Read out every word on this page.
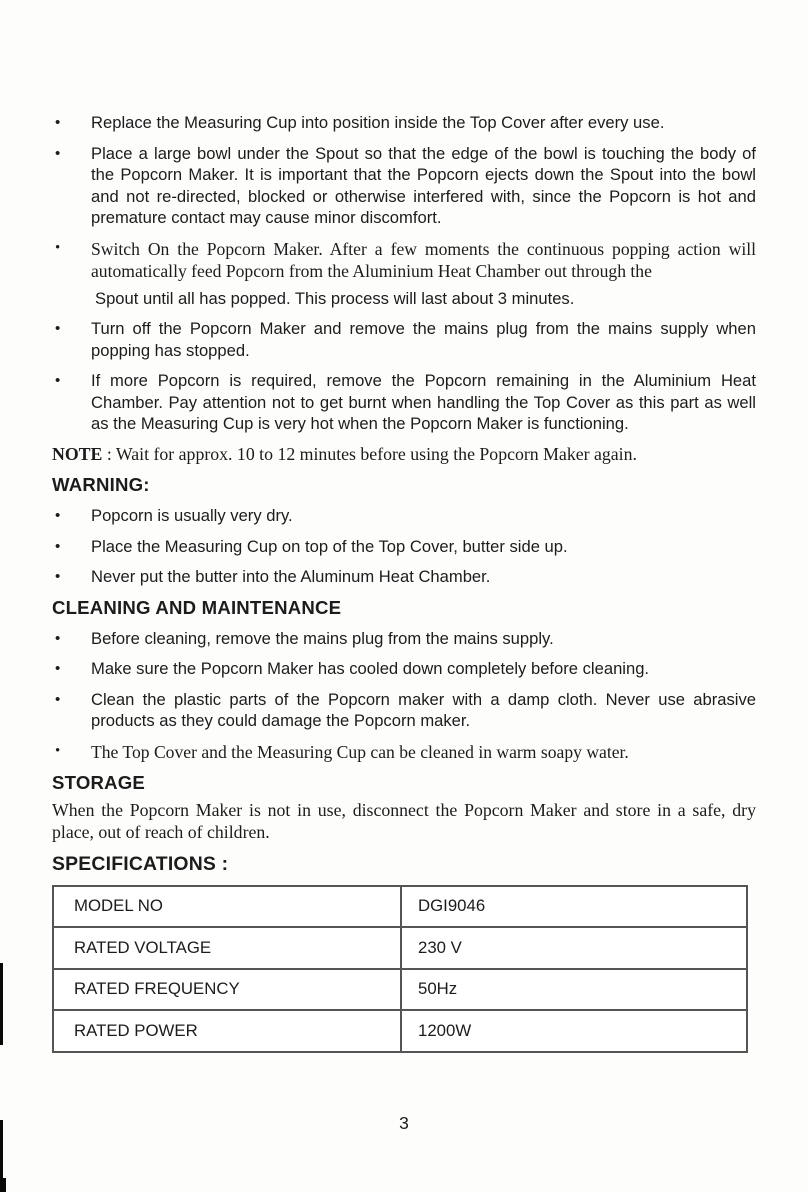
•	Replace the Measuring Cup into position inside the Top Cover after every use.
•	Place a large bowl under the Spout so that the edge of the bowl is touching the body of the Popcorn Maker. It is important that the Popcorn ejects down the Spout into the bowl and not re-directed, blocked or otherwise interfered with, since the Popcorn is hot and premature contact may cause minor discomfort.
•	Switch On the Popcorn Maker. After a few moments the continuous popping action will automatically feed Popcorn from the Aluminium Heat Chamber out through the
Spout until all has popped. This process will last about 3 minutes.
•	Turn off the Popcorn Maker and remove the mains plug from the mains supply when popping has stopped.
•	If more Popcorn is required, remove the Popcorn remaining in the Aluminium Heat Chamber. Pay attention not to get burnt when handling the Top Cover as this part as well as the Measuring Cup is very hot when the Popcorn Maker is functioning.
NOTE : Wait for approx. 10 to 12 minutes before using the Popcorn Maker again.
WARNING:
•	Popcorn is usually very dry.
•	Place the Measuring Cup on top of the Top Cover, butter side up.
•	Never put the butter into the Aluminum Heat Chamber.
CLEANING AND MAINTENANCE
•	Before cleaning, remove the mains plug from the mains supply.
•	Make sure the Popcorn Maker has cooled down completely before cleaning.
•	Clean the plastic parts of the Popcorn maker with a damp cloth. Never use abrasive products as they could damage the Popcorn maker.
•	The Top Cover and the Measuring Cup can be cleaned in warm soapy water.
STORAGE
When the Popcorn Maker is not in use, disconnect the Popcorn Maker and store in a safe, dry place, out of reach of children.
SPECIFICATIONS :
MODEL NO	DGI9046
RATED VOLTAGE	230 V
RATED FREQUENCY	50Hz
RATED POWER	1200W
3
